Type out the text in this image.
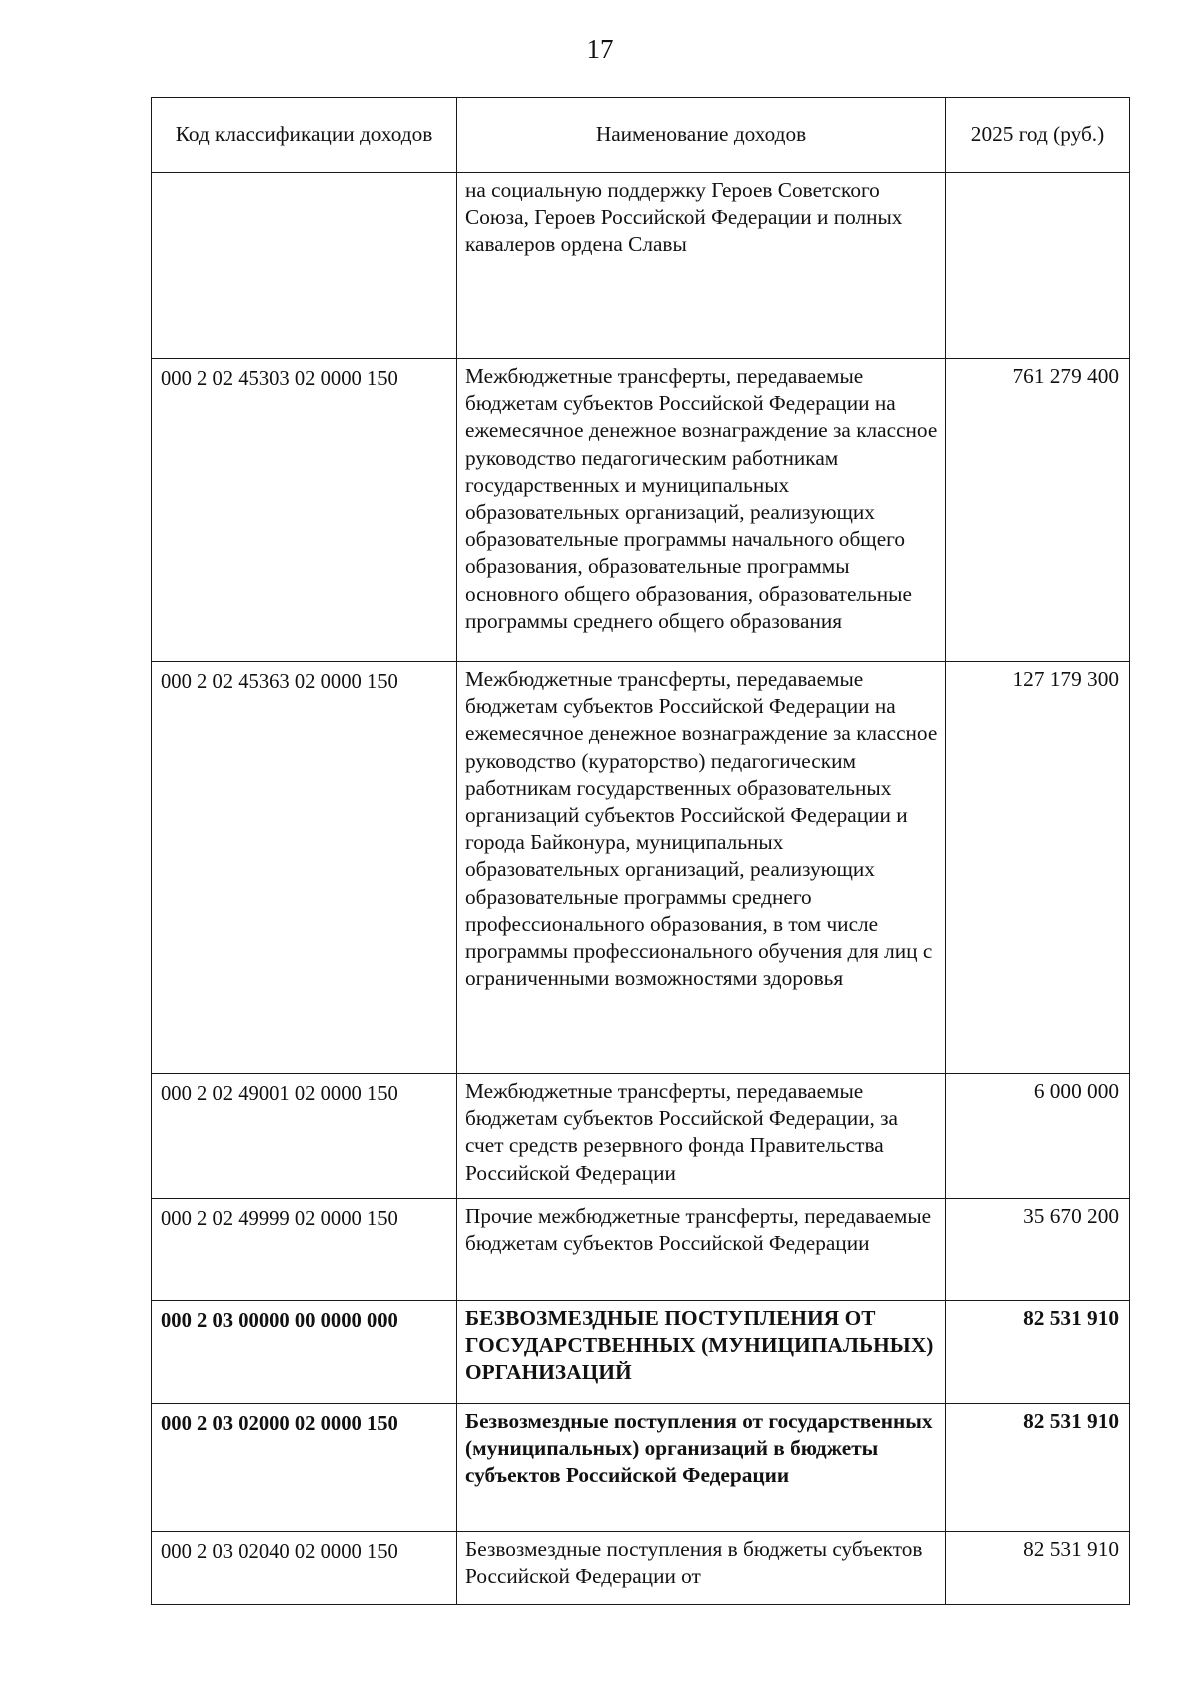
17
Код классификации доходов	Наименование доходов	2025 год (руб.)
	на социальную поддержку Героев Советского Союза, Героев Российской Федерации и полных кавалеров ордена Славы	
000 2 02 45303 02 0000 150	Межбюджетные трансферты, передаваемые бюджетам субъектов Российской Федерации на ежемесячное денежное вознаграждение за классное руководство педагогическим работникам государственных и муниципальных образовательных организаций, реализующих образовательные программы начального общего образования, образовательные программы основного общего образования, образовательные программы среднего общего образования	761 279 400
000 2 02 45363 02 0000 150	Межбюджетные трансферты, передаваемые бюджетам субъектов Российской Федерации на ежемесячное денежное вознаграждение за классное руководство (кураторство) педагогическим работникам государственных образовательных организаций субъектов Российской Федерации и города Байконура, муниципальных образовательных организаций, реализующих образовательные программы среднего профессионального образования, в том числе программы профессионального обучения для лиц с ограниченными возможностями здоровья	127 179 300
000 2 02 49001 02 0000 150	Межбюджетные трансферты, передаваемые бюджетам субъектов Российской Федерации, за счет средств резервного фонда Правительства Российской Федерации	6 000 000
000 2 02 49999 02 0000 150	Прочие межбюджетные трансферты, передаваемые бюджетам субъектов Российской Федерации	35 670 200
000 2 03 00000 00 0000 000	БЕЗВОЗМЕЗДНЫЕ ПОСТУПЛЕНИЯ ОТ ГОСУДАРСТВЕННЫХ (МУНИЦИПАЛЬНЫХ) ОРГАНИЗАЦИЙ	82 531 910
000 2 03 02000 02 0000 150	Безвозмездные поступления от государственных (муниципальных) организаций в бюджеты субъектов Российской Федерации	82 531 910
000 2 03 02040 02 0000 150	Безвозмездные поступления в бюджеты субъектов Российской Федерации от	82 531 910
